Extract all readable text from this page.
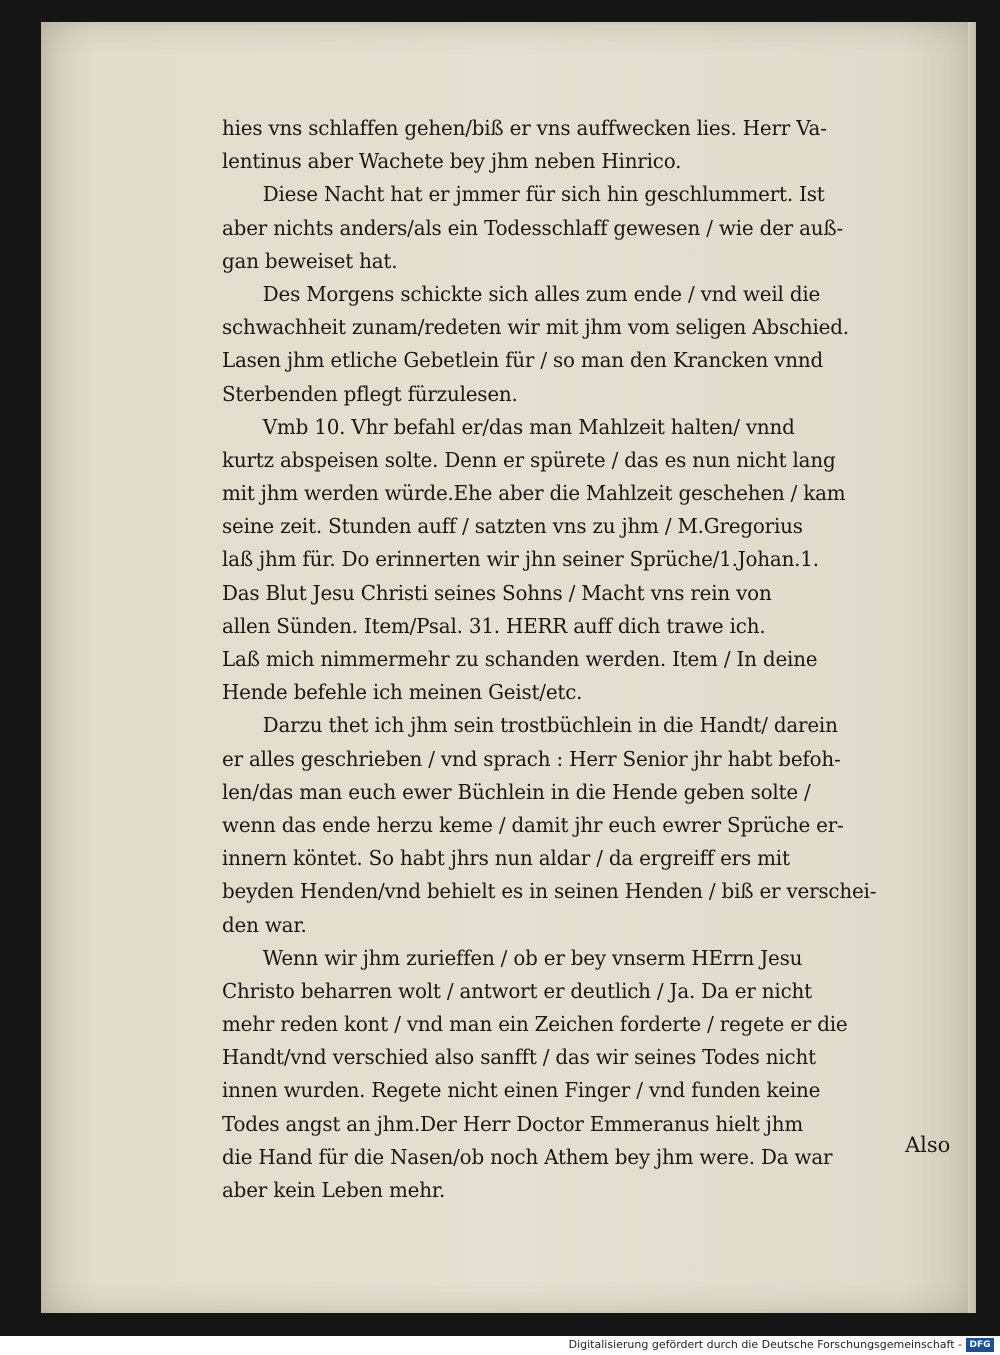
hies vns schlaffen gehen/biß er vns auffwecken lies. Herr Va-
lentinus aber Wachete bey jhm neben Hinrico.
Diese Nacht hat er jmmer für sich hin geschlummert. Ist
aber nichts anders/als ein Todesschlaff gewesen / wie der auß-
gan beweiset hat.
Des Morgens schickte sich alles zum ende / vnd weil die
schwachheit zunam/redeten wir mit jhm vom seligen Abschied.
Lasen jhm etliche Gebetlein für / so man den Krancken vnnd
Sterbenden pflegt fürzulesen.
Vmb 10. Vhr befahl er/das man Mahlzeit halten/ vnnd
kurtz abspeisen solte. Denn er spürete / das es nun nicht lang
mit jhm werden würde.Ehe aber die Mahlzeit geschehen / kam
seine zeit. Stunden auff / satzten vns zu jhm / M.Gregorius
laß jhm für. Do erinnerten wir jhn seiner Sprüche/1.Johan.1.
Das Blut Jesu Christi seines Sohns / Macht vns rein von
allen Sünden. Item/Psal. 31. HERR auff dich trawe ich.
Laß mich nimmermehr zu schanden werden. Item / In deine
Hende befehle ich meinen Geist/etc.
Darzu thet ich jhm sein trostbüchlein in die Handt/ darein
er alles geschrieben / vnd sprach : Herr Senior jhr habt befoh-
len/das man euch ewer Büchlein in die Hende geben solte /
wenn das ende herzu keme / damit jhr euch ewrer Sprüche er-
innern köntet. So habt jhrs nun aldar / da ergreiff ers mit
beyden Henden/vnd behielt es in seinen Henden / biß er verschei-
den war.
Wenn wir jhm zurieffen / ob er bey vnserm HErrn Jesu
Christo beharren wolt / antwort er deutlich / Ja. Da er nicht
mehr reden kont / vnd man ein Zeichen forderte / regete er die
Handt/vnd verschied also sanfft / das wir seines Todes nicht
innen wurden. Regete nicht einen Finger / vnd funden keine
Todes angst an jhm.Der Herr Doctor Emmeranus hielt jhm
die Hand für die Nasen/ob noch Athem bey jhm were. Da war
aber kein Leben mehr.
Also
Digitalisierung gefördert durch die Deutsche Forschungsgemeinschaft - DFG
